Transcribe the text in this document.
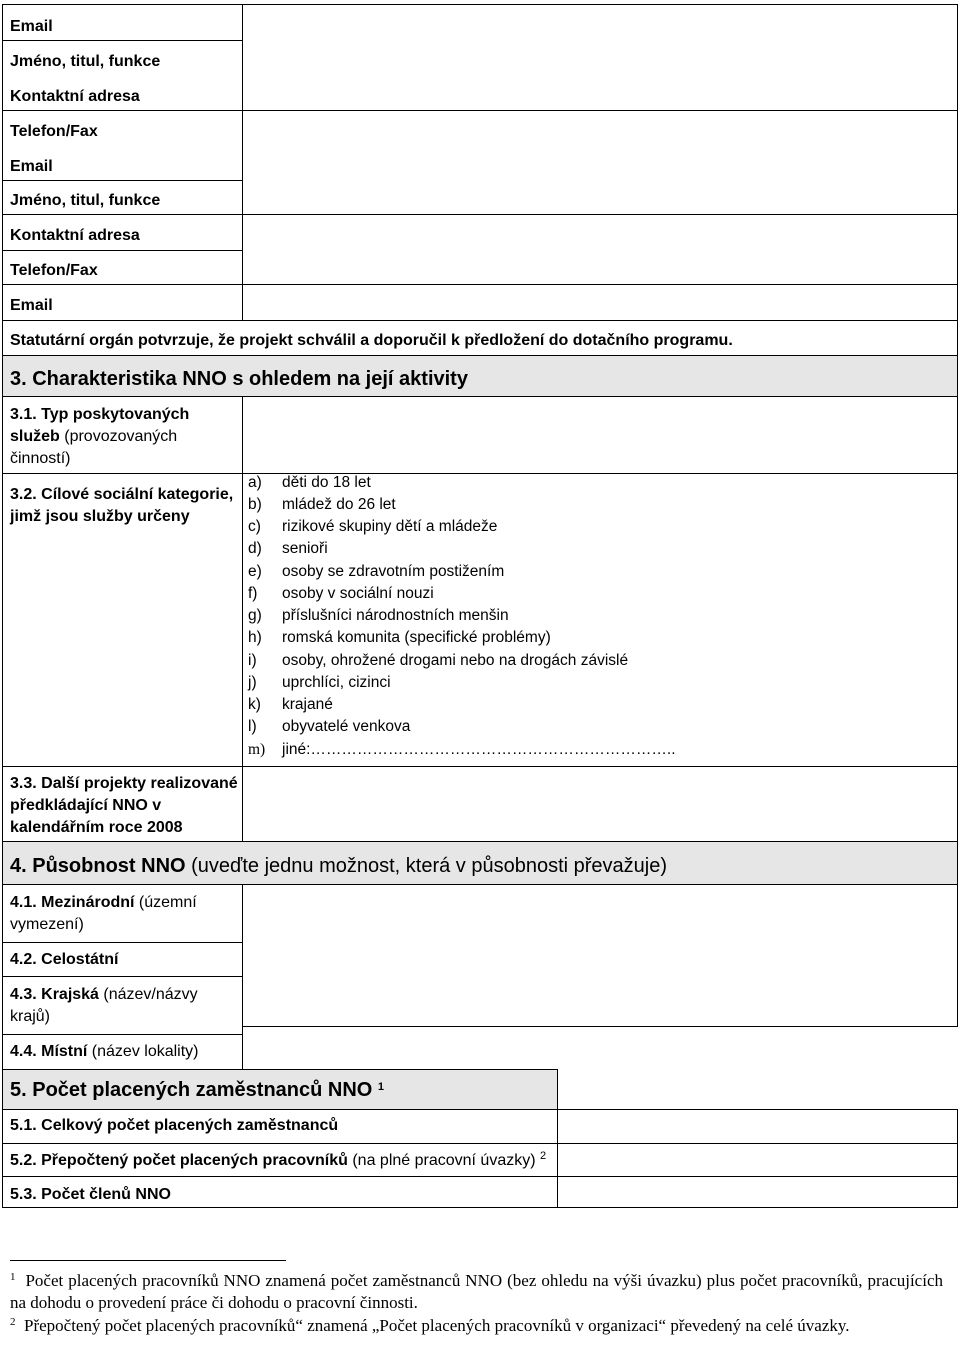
Email
Jméno, titul, funkce
Kontaktní adresa
Telefon/Fax
Email
Jméno, titul, funkce
Kontaktní adresa
Telefon/Fax
Email
Statutární orgán potvrzuje, že projekt schválil a doporučil k předložení do dotačního programu.
3. Charakteristika NNO s ohledem na její aktivity
3.1. Typ poskytovaných služeb (provozovaných činností)
3.2. Cílové sociální kategorie, jimž jsou služby určeny
a) děti do 18 let
b) mládež do 26 let
c) rizikové skupiny dětí a mládeže
d) senioři
e) osoby se zdravotním postižením
f) osoby v sociální nouzi
g) příslušníci národnostních menšin
h) romská komunita (specifické problémy)
i) osoby, ohrožené drogami nebo na drogách závislé
j) uprchlíci, cizinci
k) krajané
l) obyvatelé venkova
m) jiné:……………………………………………………………..
3.3. Další projekty realizované předkládající NNO v kalendářním roce 2008
4. Působnost NNO (uveďte jednu možnost, která v působnosti převažuje)
4.1. Mezinárodní (územní vymezení)
4.2. Celostátní
4.3. Krajská (název/názvy krajů)
4.4. Místní (název lokality)
5. Počet placených zaměstnanců NNO $^1$
5.1. Celkový počet placených zaměstnanců
5.2. Přepočtený počet placených pracovníků (na plné pracovní úvazky) $^2$
5.3. Počet členů NNO
$^1$ Počet placených pracovníků NNO znamená počet zaměstnanců NNO (bez ohledu na výši úvazku) plus počet pracovníků, pracujících na dohodu o provedení práce či dohodu o pracovní činnosti.
$^2$ Přepočtený počet placených pracovníků“ znamená „Počet placených pracovníků v organizaci“ převedený na celé úvazky.
